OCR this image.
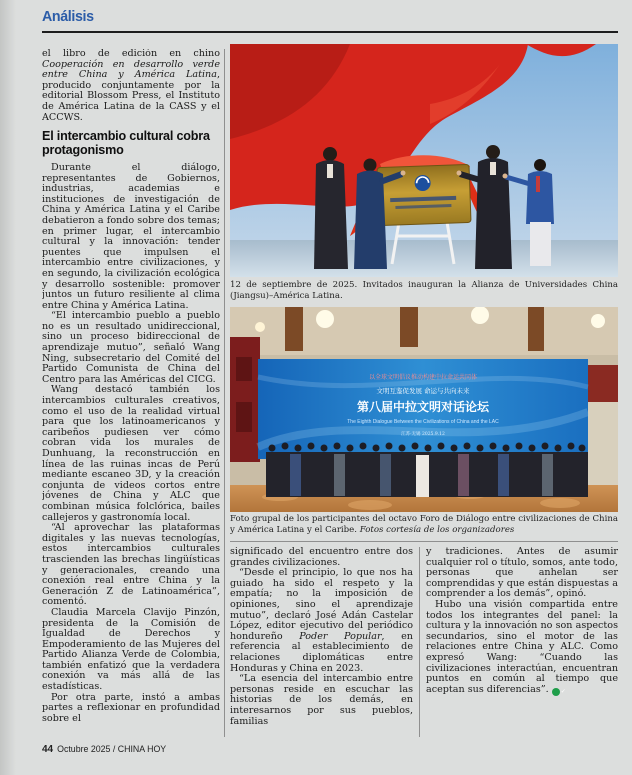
Análisis

el libro de edición en chino Cooperación en desarrollo verde entre China y América Latina, producido conjuntamente por la editorial Blossom Press, el Instituto de América Latina de la CASS y el ACCWS.

El intercambio cultural cobra protagonismo

Durante el diálogo, representantes de Gobiernos, industrias, academias e instituciones de investigación de China y América Latina y el Caribe debatieron a fondo sobre dos temas; en primer lugar, el intercambio cultural y la innovación: tender puentes que impulsen el intercambio entre civilizaciones, y en segundo, la civilización ecológica y desarrollo sostenible: promover juntos un futuro resiliente al clima entre China y América Latina.

“El intercambio pueblo a pueblo no es un resultado unidireccional, sino un proceso bidireccional de aprendizaje mutuo”, señaló Wang Ning, subsecretario del Comité del Partido Comunista de China del Centro para las Américas del CICG.

Wang destacó también los intercambios culturales creativos, como el uso de la realidad virtual para que los latinoamericanos y caribeños pudiesen ver cómo cobran vida los murales de Dunhuang, la reconstrucción en línea de las ruinas incas de Perú mediante escaneo 3D, y la creación conjunta de videos cortos entre jóvenes de China y ALC que combinan música folclórica, bailes callejeros y gastronomía local.

“Al aprovechar las plataformas digitales y las nuevas tecnologías, estos intercambios culturales trascienden las brechas lingüísticas y generacionales, creando una conexión real entre China y la Generación Z de Latinoamérica”, comentó.

Claudia Marcela Clavijo Pinzón, presidenta de la Comisión de Igualdad de Derechos y Empoderamiento de las Mujeres del Partido Alianza Verde de Colombia, también enfatizó que la verdadera conexión va más allá de las estadísticas.

Por otra parte, instó a ambas partes a reflexionar en profundidad sobre el

12 de septiembre de 2025. Invitados inauguran la Alianza de Universidades China (Jiangsu)–América Latina.
以全球文明倡议推动构建中拉命运共同体
文明互鉴促发展 命运与共向未来
第八届中拉文明对话论坛
The Eighth Dialogue Between the Civilizations of China and the LAC
江苏·无锡 2025.9.12
Foto grupal de los participantes del octavo Foro de Diálogo entre civilizaciones de China y América Latina y el Caribe. Fotos cortesía de los organizadores

significado del encuentro entre dos grandes civilizaciones.

“Desde el principio, lo que nos ha guiado ha sido el respeto y la empatía; no la imposición de opiniones, sino el aprendizaje mutuo”, declaró José Adán Castelar López, editor ejecutivo del periódico hondureño Poder Popular, en referencia al establecimiento de relaciones diplomáticas entre Honduras y China en 2023.

“La esencia del intercambio entre personas reside en escuchar las historias de los demás, en interesarnos por sus pueblos, familias

y tradiciones. Antes de asumir cualquier rol o título, somos, ante todo, personas que anhelan ser comprendidas y que están dispuestas a comprender a los demás”, opinó.

Hubo una visión compartida entre todos los integrantes del panel: la cultura y la innovación no son aspectos secundarios, sino el motor de las relaciones entre China y ALC. Como expresó Wang: “Cuando las civilizaciones interactúan, encuentran puntos en común al tiempo que aceptan sus diferencias”. ✓

44 Octubre 2025 / CHINA HOY
